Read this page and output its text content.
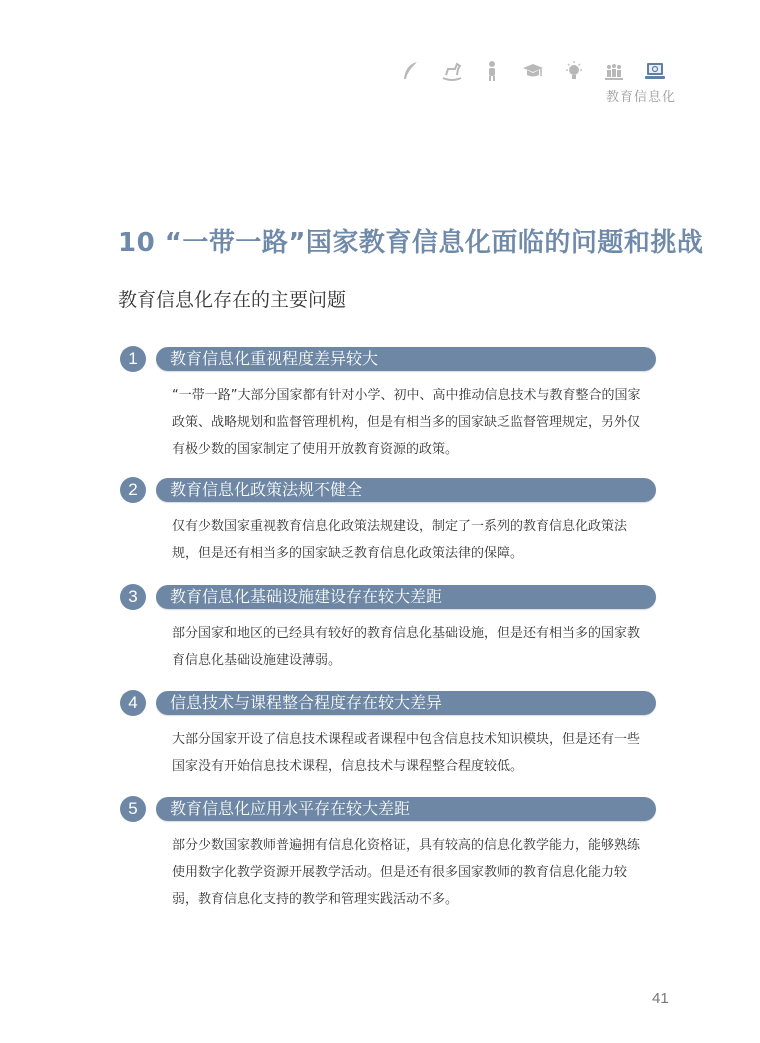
教育信息化
10 “一带一路”国家教育信息化面临的问题和挑战
教育信息化存在的主要问题
1	教育信息化重视程度差异较大
“一带一路”大部分国家都有针对小学、初中、高中推动信息技术与教育整合的国家政策、战略规划和监督管理机构，但是有相当多的国家缺乏监督管理规定，另外仅有极少数的国家制定了使用开放教育资源的政策。
2	教育信息化政策法规不健全
仅有少数国家重视教育信息化政策法规建设，制定了一系列的教育信息化政策法规，但是还有相当多的国家缺乏教育信息化政策法律的保障。
3	教育信息化基础设施建设存在较大差距
部分国家和地区的已经具有较好的教育信息化基础设施，但是还有相当多的国家教育信息化基础设施建设薄弱。
4	信息技术与课程整合程度存在较大差异
大部分国家开设了信息技术课程或者课程中包含信息技术知识模块，但是还有一些国家没有开始信息技术课程，信息技术与课程整合程度较低。
5	教育信息化应用水平存在较大差距
部分少数国家教师普遍拥有信息化资格证，具有较高的信息化教学能力，能够熟练使用数字化教学资源开展教学活动。但是还有很多国家教师的教育信息化能力较弱，教育信息化支持的教学和管理实践活动不多。
41
